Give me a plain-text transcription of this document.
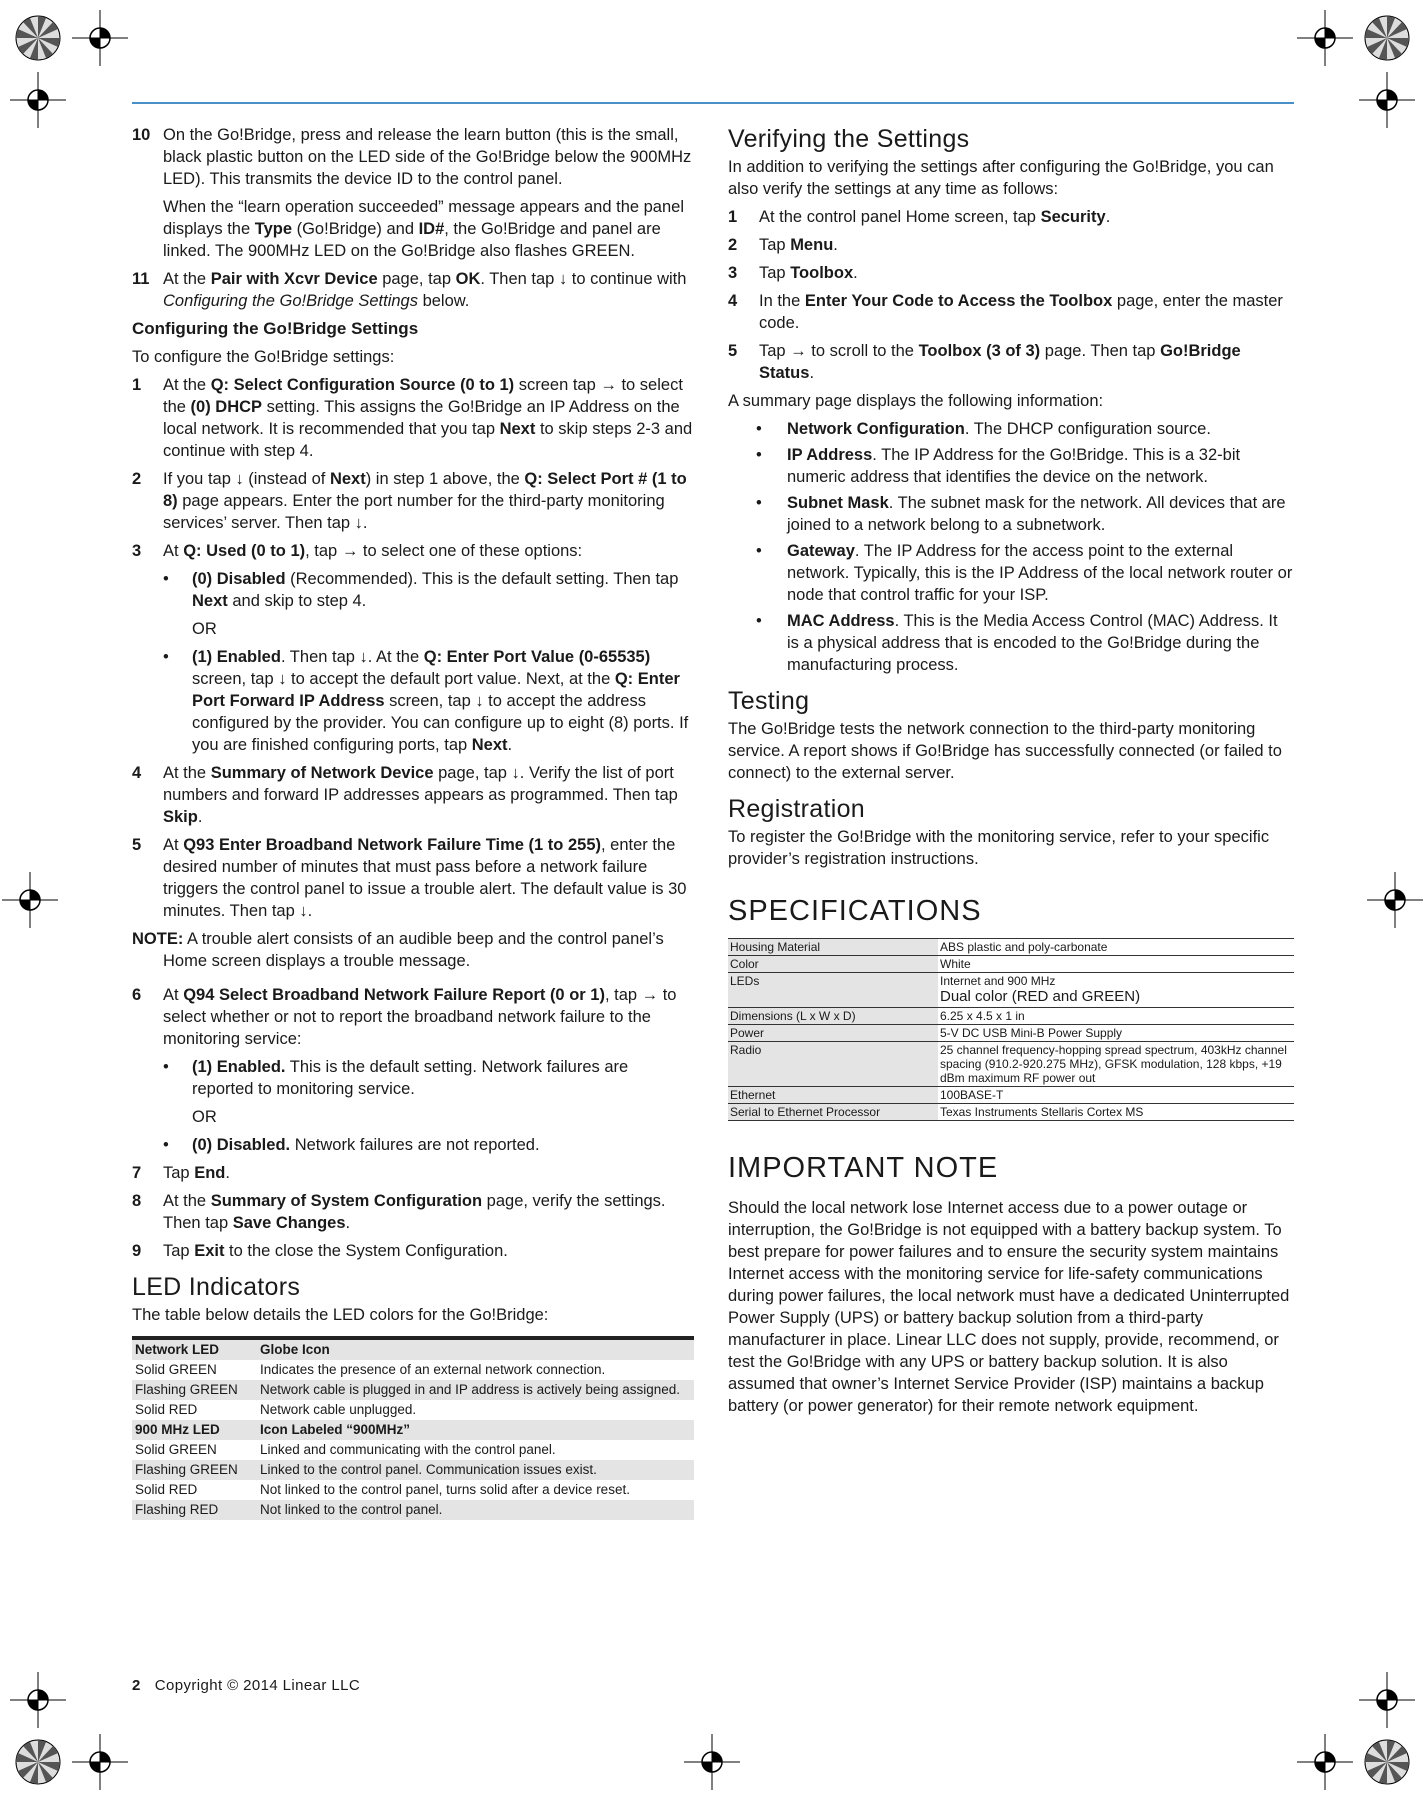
10 On the Go!Bridge, press and release the learn button (this is the small, black plastic button on the LED side of the Go!Bridge below the 900MHz LED). This transmits the device ID to the control panel.

When the “learn operation succeeded” message appears and the panel displays the Type (Go!Bridge) and ID#, the Go!Bridge and panel are linked. The 900MHz LED on the Go!Bridge also flashes GREEN.

11 At the Pair with Xcvr Device page, tap OK. Then tap ↓ to continue with Configuring the Go!Bridge Settings below.

Configuring the Go!Bridge Settings
To configure the Go!Bridge settings:
1 At the Q: Select Configuration Source (0 to 1) screen tap → to select the (0) DHCP setting. This assigns the Go!Bridge an IP Address on the local network. It is recommended that you tap Next to skip steps 2-3 and continue with step 4.

2 If you tap ↓ (instead of Next) in step 1 above, the Q: Select Port # (1 to 8) page appears. Enter the port number for the third-party monitoring services’ server. Then tap ↓.

3 At Q: Used (0 to 1), tap → to select one of these options:

• (0) Disabled (Recommended). This is the default setting. Then tap Next and skip to step 4.
OR
• (1) Enabled. Then tap ↓. At the Q: Enter Port Value (0-65535) screen, tap ↓ to accept the default port value. Next, at the Q: Enter Port Forward IP Address screen, tap ↓ to accept the address configured by the provider. You can configure up to eight (8) ports. If you are finished configuring ports, tap Next.
4 At the Summary of Network Device page, tap ↓. Verify the list of port numbers and forward IP addresses appears as programmed. Then tap Skip.

5 At Q93 Enter Broadband Network Failure Time (1 to 255), enter the desired number of minutes that must pass before a network failure triggers the control panel to issue a trouble alert. The default value is 30 minutes. Then tap ↓.

NOTE: A trouble alert consists of an audible beep and the control panel’s Home screen displays a trouble message.
6 At Q94 Select Broadband Network Failure Report (0 or 1), tap → to select whether or not to report the broadband network failure to the monitoring service:

• (1) Enabled. This is the default setting. Network failures are reported to monitoring service.
OR
• (0) Disabled. Network failures are not reported.
7 Tap End.

8 At the Summary of System Configuration page, verify the settings. Then tap Save Changes.

9 Tap Exit to the close the System Configuration.

LED Indicators
The table below details the LED colors for the Go!Bridge:
Network LED	Globe Icon
Solid GREEN	Indicates the presence of an external network connection.
Flashing GREEN	Network cable is plugged in and IP address is actively being assigned.
Solid RED	Network cable unplugged.
900 MHz LED	Icon Labeled “900MHz”
Solid GREEN	Linked and communicating with the control panel.
Flashing GREEN	Linked to the control panel. Communication issues exist.
Solid RED	Not linked to the control panel, turns solid after a device reset.
Flashing RED	Not linked to the control panel.
Verifying the Settings
In addition to verifying the settings after configuring the Go!Bridge, you can also verify the settings at any time as follows:
1 At the control panel Home screen, tap Security.

2 Tap Menu.

3 Tap Toolbox.

4 In the Enter Your Code to Access the Toolbox page, enter the master code.

5 Tap → to scroll to the Toolbox (3 of 3) page. Then tap Go!Bridge Status.

A summary page displays the following information:
• Network Configuration. The DHCP configuration source.
• IP Address. The IP Address for the Go!Bridge. This is a 32-bit numeric address that identifies the device on the network.
• Subnet Mask. The subnet mask for the network. All devices that are joined to a network belong to a subnetwork.
• Gateway. The IP Address for the access point to the external network. Typically, this is the IP Address of the local network router or node that control traffic for your ISP.
• MAC Address. This is the Media Access Control (MAC) Address. It is a physical address that is encoded to the Go!Bridge during the manufacturing process.
Testing
The Go!Bridge tests the network connection to the third-party monitoring service. A report shows if Go!Bridge has successfully connected (or failed to connect) to the external server.
Registration
To register the Go!Bridge with the monitoring service, refer to your specific provider’s registration instructions.
SPECIFICATIONS
Housing Material	ABS plastic and poly-carbonate

Color	White

LEDs	Internet and 900 MHz
Dual color (RED and GREEN)

Dimensions (L x W x D)	6.25 x 4.5 x 1 in

Power	5-V DC USB Mini-B Power Supply

Radio	25 channel frequency-hopping spread spectrum, 403kHz channel spacing (910.2-920.275 MHz), GFSK modulation, 128 kbps, +19 dBm maximum RF power out

Ethernet	100BASE-T

Serial to Ethernet Processor	Texas Instruments Stellaris Cortex MS
IMPORTANT NOTE
Should the local network lose Internet access due to a power outage or interruption, the Go!Bridge is not equipped with a battery backup system. To best prepare for power failures and to ensure the security system maintains Internet access with the monitoring service for life-safety communications during power failures, the local network must have a dedicated Uninterrupted Power Supply (UPS) or battery backup solution from a third-party manufacturer in place. Linear LLC does not supply, provide, recommend, or test the Go!Bridge with any UPS or battery backup solution. It is also assumed that owner’s Internet Service Provider (ISP) maintains a backup battery (or power generator) for their remote network equipment.
2 Copyright © 2014 Linear LLC
